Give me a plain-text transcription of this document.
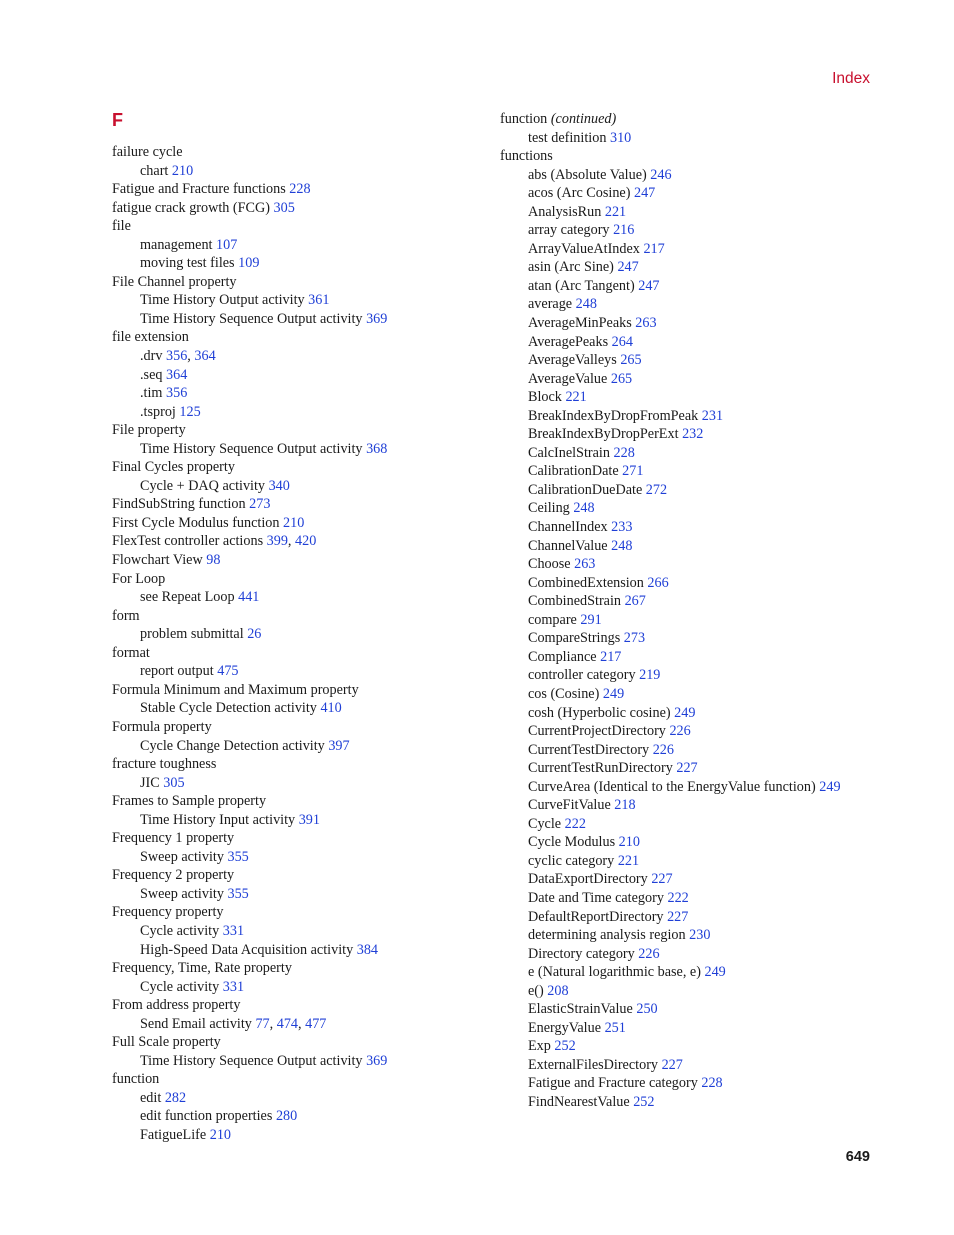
Index
F
failure cycle
chart 210
Fatigue and Fracture functions 228
fatigue crack growth (FCG) 305
file
management 107
moving test files 109
File Channel property
Time History Output activity 361
Time History Sequence Output activity 369
file extension
.drv 356, 364
.seq 364
.tim 356
.tsproj 125
File property
Time History Sequence Output activity 368
Final Cycles property
Cycle + DAQ activity 340
FindSubString function 273
First Cycle Modulus function 210
FlexTest controller actions 399, 420
Flowchart View 98
For Loop
see Repeat Loop 441
form
problem submittal 26
format
report output 475
Formula Minimum and Maximum property
Stable Cycle Detection activity 410
Formula property
Cycle Change Detection activity 397
fracture toughness
JIC 305
Frames to Sample property
Time History Input activity 391
Frequency 1 property
Sweep activity 355
Frequency 2 property
Sweep activity 355
Frequency property
Cycle activity 331
High-Speed Data Acquisition activity 384
Frequency, Time, Rate property
Cycle activity 331
From address property
Send Email activity 77, 474, 477
Full Scale property
Time History Sequence Output activity 369
function
edit 282
edit function properties 280
FatigueLife 210
function (continued)
test definition 310
functions
abs (Absolute Value) 246
acos (Arc Cosine) 247
AnalysisRun 221
array category 216
ArrayValueAtIndex 217
asin (Arc Sine) 247
atan (Arc Tangent) 247
average 248
AverageMinPeaks 263
AveragePeaks 264
AverageValleys 265
AverageValue 265
Block 221
BreakIndexByDropFromPeak 231
BreakIndexByDropPerExt 232
CalcInelStrain 228
CalibrationDate 271
CalibrationDueDate 272
Ceiling 248
ChannelIndex 233
ChannelValue 248
Choose 263
CombinedExtension 266
CombinedStrain 267
compare 291
CompareStrings 273
Compliance 217
controller category 219
cos (Cosine) 249
cosh (Hyperbolic cosine) 249
CurrentProjectDirectory 226
CurrentTestDirectory 226
CurrentTestRunDirectory 227
CurveArea (Identical to the EnergyValue function) 249
CurveFitValue 218
Cycle 222
Cycle Modulus 210
cyclic category 221
DataExportDirectory 227
Date and Time category 222
DefaultReportDirectory 227
determining analysis region 230
Directory category 226
e (Natural logarithmic base, e) 249
e() 208
ElasticStrainValue 250
EnergyValue 251
Exp 252
ExternalFilesDirectory 227
Fatigue and Fracture category 228
FindNearestValue 252
649
